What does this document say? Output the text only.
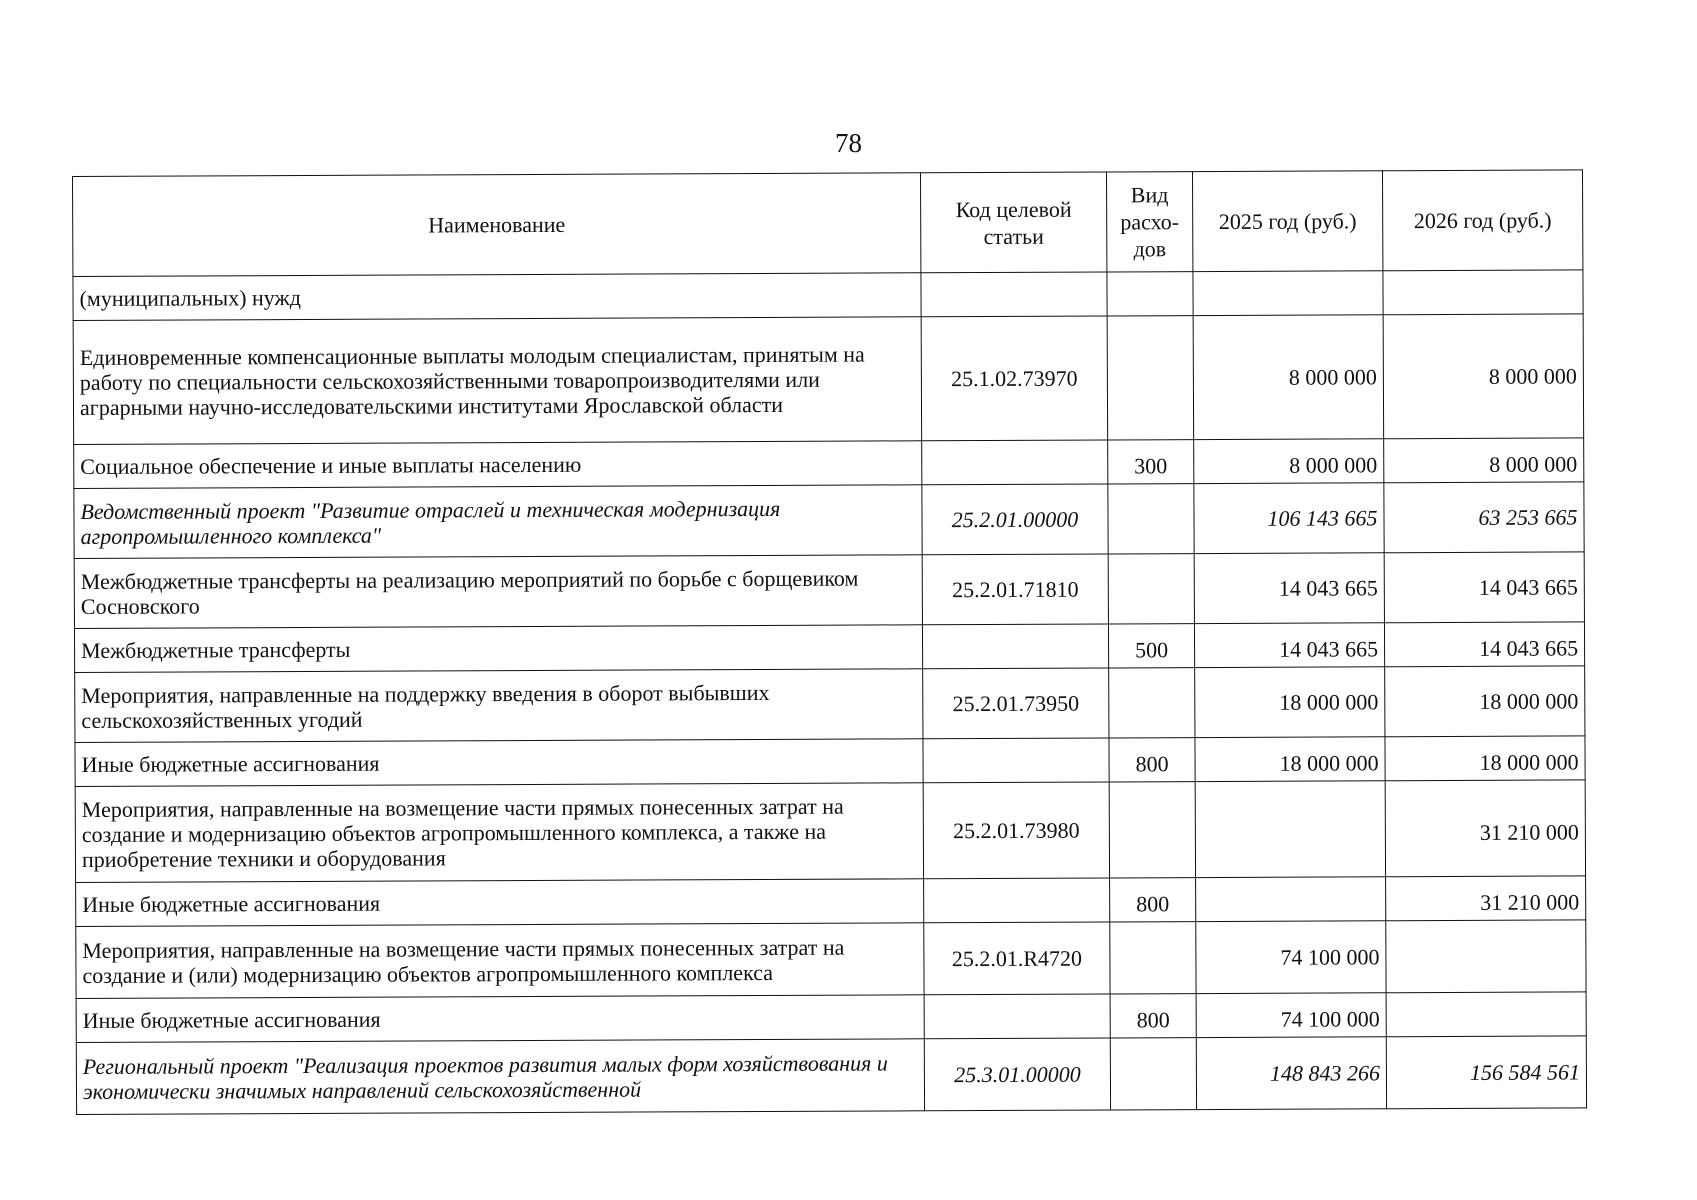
78
Наименование	Код целевой статьи	Вид расхо-дов	2025 год (руб.)	2026 год (руб.)
(муниципальных) нужд				
Единовременные компенсационные выплаты молодым специалистам, принятым на работу по специальности сельскохозяйственными товаропроизводителями или аграрными научно-исследовательскими институтами Ярославской области	25.1.02.73970		8 000 000	8 000 000
Социальное обеспечение и иные выплаты населению		300	8 000 000	8 000 000
Ведомственный проект "Развитие отраслей и техническая модернизация агропромышленного комплекса"	25.2.01.00000		106 143 665	63 253 665
Межбюджетные трансферты на реализацию мероприятий по борьбе с борщевиком Сосновского	25.2.01.71810		14 043 665	14 043 665
Межбюджетные трансферты		500	14 043 665	14 043 665
Мероприятия, направленные на поддержку введения в оборот выбывших сельскохозяйственных угодий	25.2.01.73950		18 000 000	18 000 000
Иные бюджетные ассигнования		800	18 000 000	18 000 000
Мероприятия, направленные на возмещение части прямых понесенных затрат на создание и модернизацию объектов агропромышленного комплекса, а также на приобретение техники и оборудования	25.2.01.73980			31 210 000
Иные бюджетные ассигнования		800		31 210 000
Мероприятия, направленные на возмещение части прямых понесенных затрат на создание и (или) модернизацию объектов агропромышленного комплекса	25.2.01.R4720		74 100 000	
Иные бюджетные ассигнования		800	74 100 000	
Региональный проект "Реализация проектов развития малых форм хозяйствования и экономически значимых направлений сельскохозяйственной	25.3.01.00000		148 843 266	156 584 561
